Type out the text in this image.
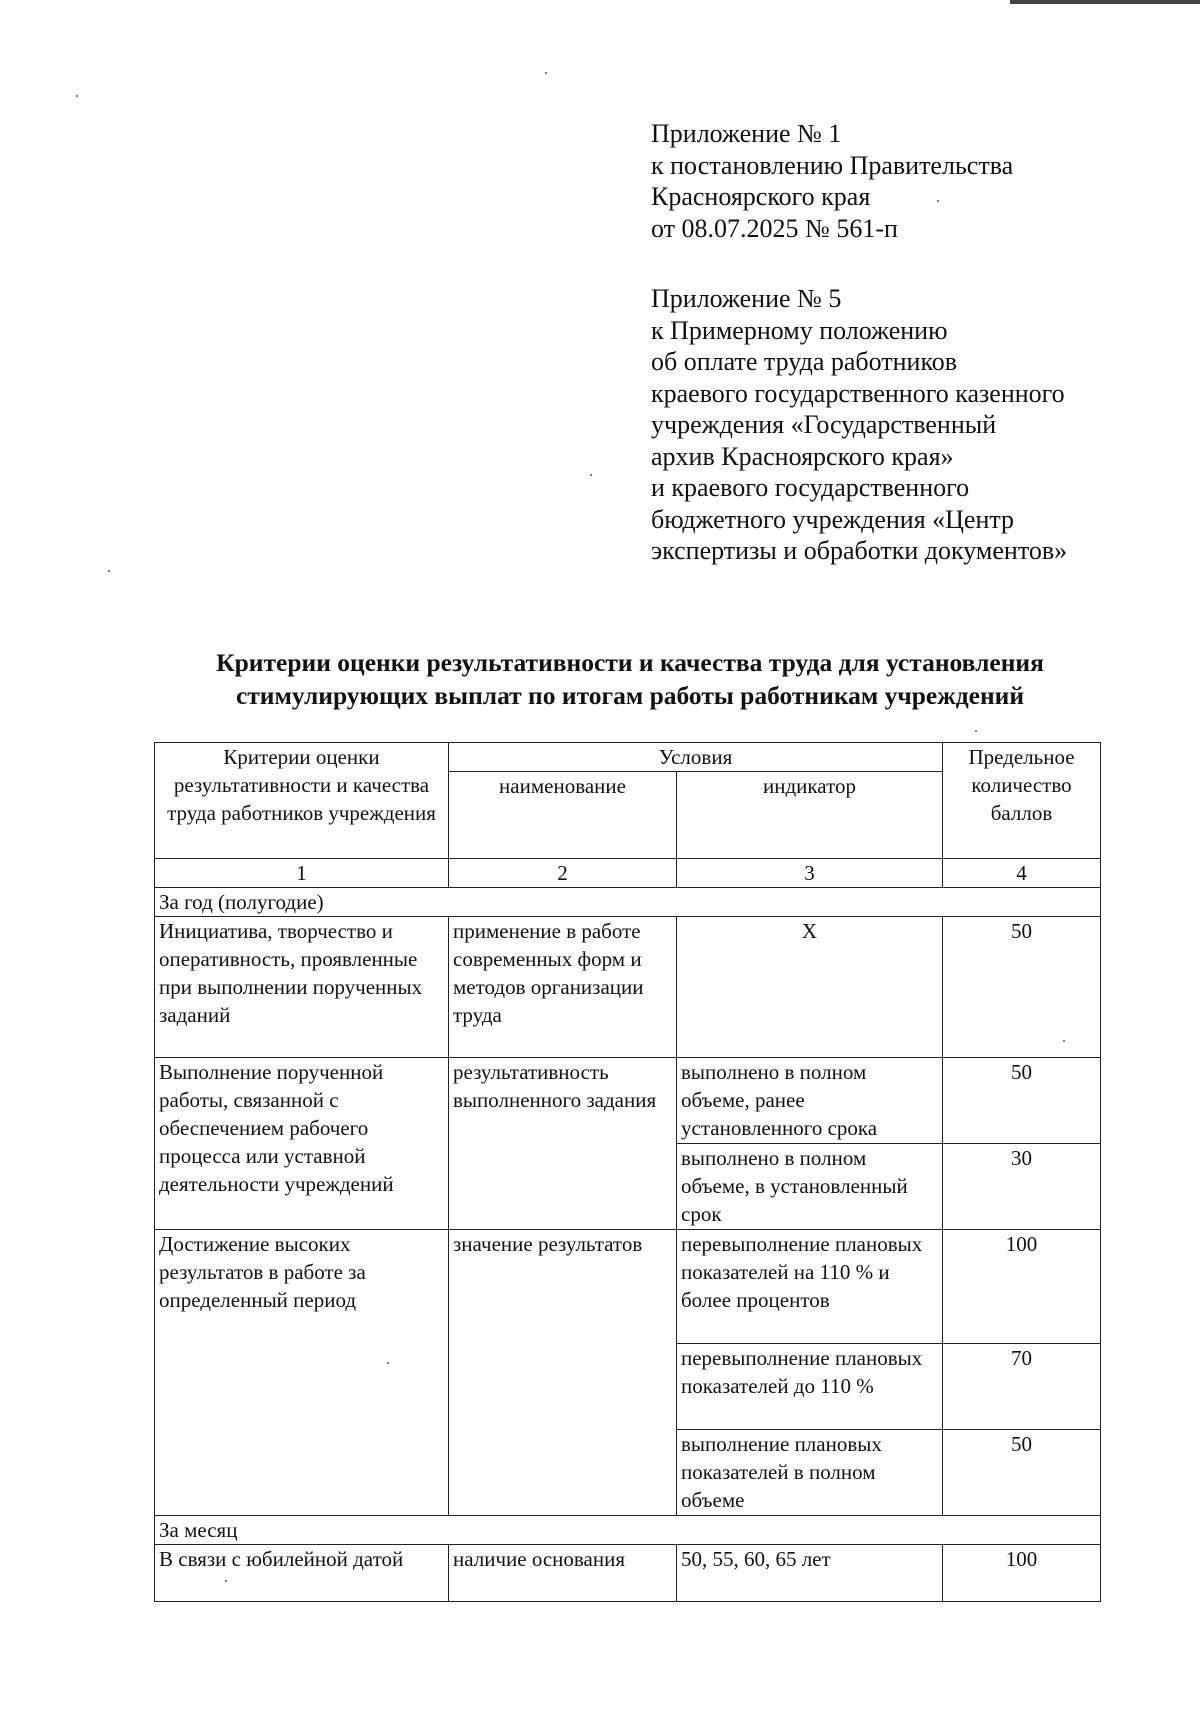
Приложение № 1
к постановлению Правительства
Красноярского края
от 08.07.2025 № 561-п
Приложение № 5
к Примерному положению
об оплате труда работников
краевого государственного казенного
учреждения «Государственный
архив Красноярского края»
и краевого государственного
бюджетного учреждения «Центр
экспертизы и обработки документов»
Критерии оценки результативности и качества труда для установления
стимулирующих выплат по итогам работы работникам учреждений
Критерии оценки результативности и качества труда работников учреждения	Условия		Предельное количество баллов
	наименование	индикатор	
1	2	3	4
За год (полугодие)			
Инициатива, творчество и оперативность, проявленные при выполнении порученных заданий	применение в работе современных форм и методов организации труда	Х	50
Выполнение порученной работы, связанной с обеспечением рабочего процесса или уставной деятельности учреждений	результативность выполненного задания	выполнено в полном объеме, ранее установленного срока	50
		выполнено в полном объеме, в установленный срок	30
Достижение высоких результатов в работе за определенный период	значение результатов	перевыполнение плановых показателей на 110 % и более процентов	100
		перевыполнение плановых показателей до 110 %	70
		выполнение плановых показателей в полном объеме	50
За месяц			
В связи с юбилейной датой	наличие основания	50, 55, 60, 65 лет	100
